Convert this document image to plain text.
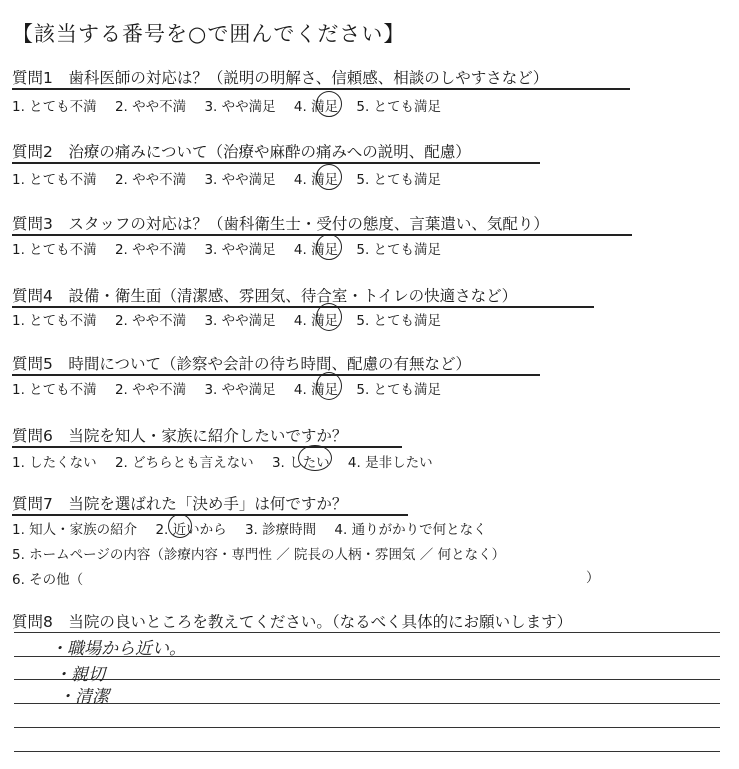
【該当する番号を○で囲んでください】
質問1　歯科医師の対応は？（説明の明解さ、信頼感、相談のしやすさなど）
1. とても不満 2. やや不満 3. やや満足 4. 満足 5. とても満足
質問2　治療の痛みについて（治療や麻酔の痛みへの説明、配慮）
1. とても不満 2. やや不満 3. やや満足 4. 満足 5. とても満足
質問3　スタッフの対応は？（歯科衛生士・受付の態度、言葉遣い、気配り）
1. とても不満 2. やや不満 3. やや満足 4. 満足 5. とても満足
質問4　設備・衛生面（清潔感、雰囲気、待合室・トイレの快適さなど）
1. とても不満 2. やや不満 3. やや満足 4. 満足 5. とても満足
質問5　時間について（診察や会計の待ち時間、配慮の有無など）
1. とても不満 2. やや不満 3. やや満足 4. 満足 5. とても満足
質問6　当院を知人・家族に紹介したいですか？
1. したくない 2. どちらとも言えない 3. したい 4. 是非したい
質問7　当院を選ばれた「決め手」は何ですか？
1. 知人・家族の紹介 2. 近いから 3. 診療時間 4. 通りがかりで何となく
5. ホームページの内容（診療内容・専門性 ／ 院長の人柄・雰囲気 ／ 何となく）
6. その他（	）
質問8　当院の良いところを教えてください。（なるべく具体的にお願いします）
・職場から近い。
・親切
・清潔
